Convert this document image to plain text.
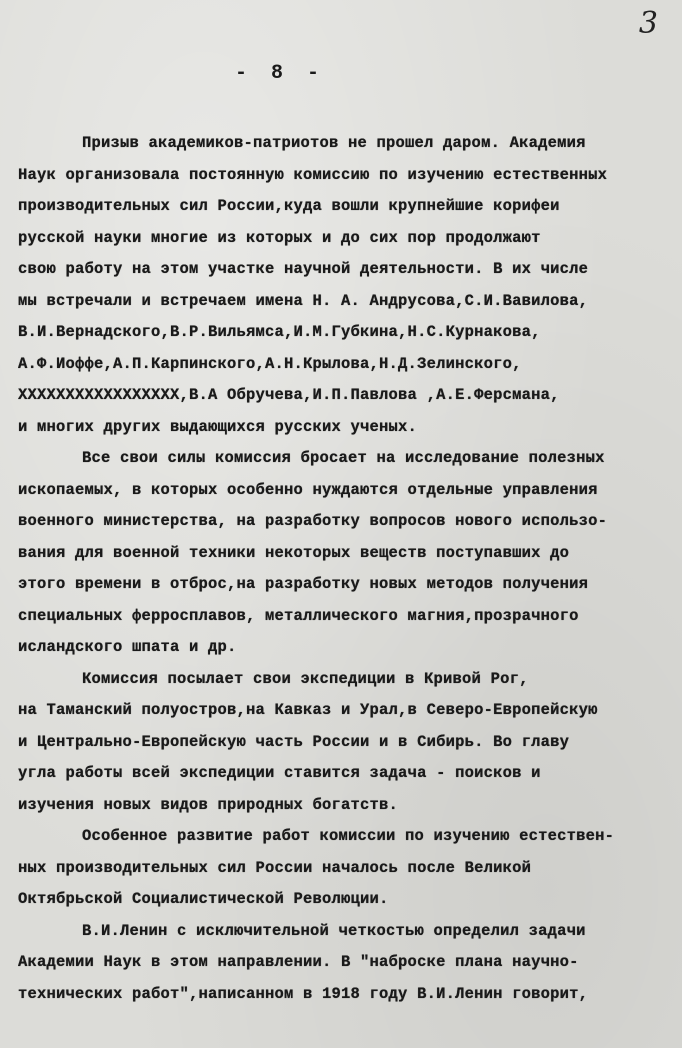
3
- 8 -
Призыв академиков-патриотов не прошел даром. Академия
Наук организовала постоянную комиссию по изучению естественных
производительных сил России,куда вошли крупнейшие корифеи
русской науки многие из которых и до сих пор продолжают
свою работу на этом участке научной деятельности. В их числе
мы встречали и встречаем имена Н. А. Андрусова,С.И.Вавилова,
В.И.Вернадского,В.Р.Вильямса,И.М.Губкина,Н.С.Курнакова,
А.Ф.Иоффе,А.П.Карпинского,А.Н.Крылова,Н.Д.Зелинского,
ХХХХХХХХХХХХХХХХХ,В.А Обручева,И.П.Павлова ,А.Е.Ферсмана,
и многих других выдающихся русских ученых.
Все свои силы комиссия бросает на исследование полезных
ископаемых, в которых особенно нуждаются отдельные управления
военного министерства, на разработку вопросов нового использо-
вания для военной техники некоторых веществ поступавших до
этого времени в отброс,на разработку новых методов получения
специальных ферросплавов, металлического магния,прозрачного
исландского шпата и др.
Комиссия посылает свои экспедиции в Кривой Рог,
на Таманский полуостров,на Кавказ и Урал,в Северо-Европейскую
и Центрально-Европейскую часть России и в Сибирь. Во главу
угла работы всей экспедиции ставится задача - поисков и
изучения новых видов природных богатств.
Особенное развитие работ комиссии по изучению естествен-
ных производительных сил России началось после Великой
Октябрьской Социалистической Революции.
В.И.Ленин с исключительной четкостью определил задачи
Академии Наук в этом направлении. В "наброске плана научно-
технических работ",написанном в 1918 году В.И.Ленин говорит,
